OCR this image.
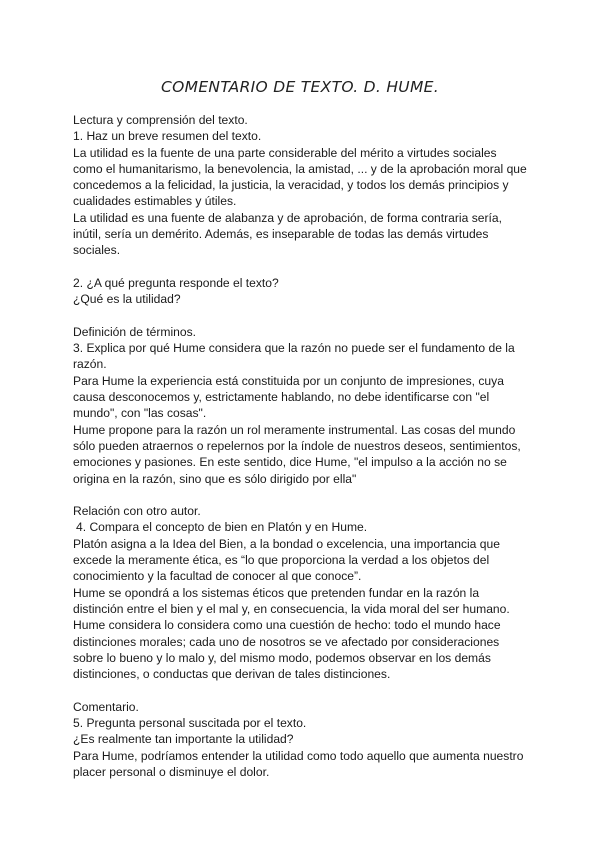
COMENTARIO DE TEXTO. D. HUME.

Lectura y comprensión del texto.

1. Haz un breve resumen del texto.

La utilidad es la fuente de una parte considerable del mérito a virtudes sociales como el humanitarismo, la benevolencia, la amistad, ... y de la aprobación moral que concedemos a la felicidad, la justicia, la veracidad, y todos los demás principios y cualidades estimables y útiles.

La utilidad es una fuente de alabanza y de aprobación, de forma contraria sería, inútil, sería un demérito. Además, es inseparable de todas las demás virtudes sociales.

2. ¿A qué pregunta responde el texto?

¿Qué es la utilidad?

Definición de términos.

3. Explica por qué Hume considera que la razón no puede ser el fundamento de la razón.

Para Hume la experiencia está constituida por un conjunto de impresiones, cuya causa desconocemos y, estrictamente hablando, no debe identificarse con "el mundo", con "las cosas".

Hume propone para la razón un rol meramente instrumental. Las cosas del mundo sólo pueden atraernos o repelernos por la índole de nuestros deseos, sentimientos, emociones y pasiones. En este sentido, dice Hume, "el impulso a la acción no se origina en la razón, sino que es sólo dirigido por ella"

Relación con otro autor.

4. Compara el concepto de bien en Platón y en Hume.

Platón asigna a la Idea del Bien, a la bondad o excelencia, una importancia que excede la meramente ética, es “lo que proporciona la verdad a los objetos del conocimiento y la facultad de conocer al que conoce”.

Hume se opondrá a los sistemas éticos que pretenden fundar en la razón la distinción entre el bien y el mal y, en consecuencia, la vida moral del ser humano.

Hume considera lo considera como una cuestión de hecho: todo el mundo hace distinciones morales; cada uno de nosotros se ve afectado por consideraciones sobre lo bueno y lo malo y, del mismo modo, podemos observar en los demás distinciones, o conductas que derivan de tales distinciones.

Comentario.

5. Pregunta personal suscitada por el texto.

¿Es realmente tan importante la utilidad?

Para Hume, podríamos entender la utilidad como todo aquello que aumenta nuestro placer personal o disminuye el dolor.
